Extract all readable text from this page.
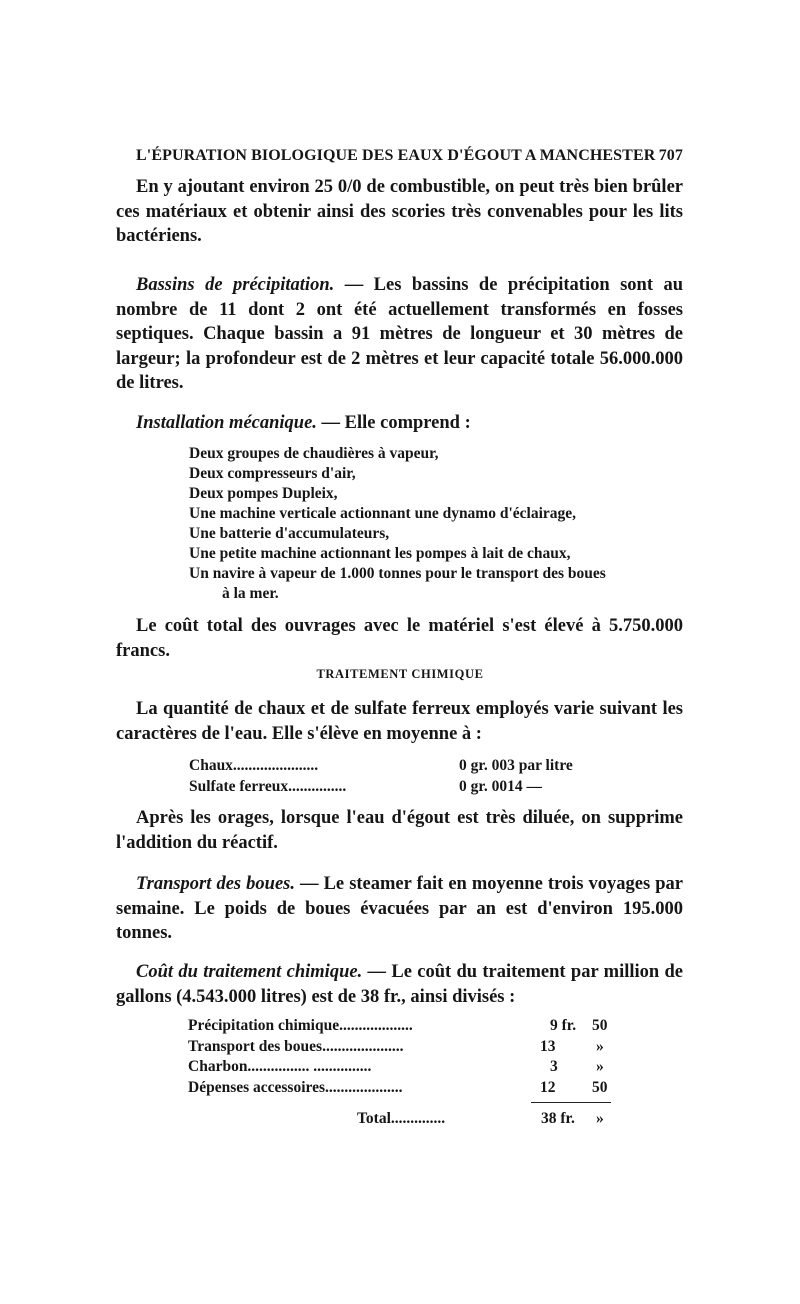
L'ÉPURATION BIOLOGIQUE DES EAUX D'ÉGOUT A MANCHESTER 707

En y ajoutant environ 25 0/0 de combustible, on peut très bien brûler ces matériaux et obtenir ainsi des scories très convenables pour les lits bactériens.

Bassins de précipitation. — Les bassins de précipitation sont au nombre de 11 dont 2 ont été actuellement transformés en fosses septiques. Chaque bassin a 91 mètres de longueur et 30 mètres de largeur; la profondeur est de 2 mètres et leur capacité totale 56.000.000 de litres.

Installation mécanique. — Elle comprend :

Deux groupes de chaudières à vapeur,
Deux compresseurs d'air,
Deux pompes Dupleix,
Une machine verticale actionnant une dynamo d'éclairage,
Une batterie d'accumulateurs,
Une petite machine actionnant les pompes à lait de chaux,
Un navire à vapeur de 1.000 tonnes pour le transport des boues
à la mer.

Le coût total des ouvrages avec le matériel s'est élevé à 5.750.000 francs.

TRAITEMENT CHIMIQUE

La quantité de chaux et de sulfate ferreux employés varie suivant les caractères de l'eau. Elle s'élève en moyenne à :

Chaux......................	0 gr. 003 par litre
Sulfate ferreux...............	0 gr. 0014 —

Après les orages, lorsque l'eau d'égout est très diluée, on supprime l'addition du réactif.

Transport des boues. — Le steamer fait en moyenne trois voyages par semaine. Le poids de boues évacuées par an est d'environ 195.000 tonnes.

Coût du traitement chimique. — Le coût du traitement par million de gallons (4.543.000 litres) est de 38 fr., ainsi divisés :

Précipitation chimique...................	9 fr. 50
Transport des boues.....................	13	»
Charbon................ ...............	3 »
Dépenses accessoires....................	12 50
Total..............	38 fr. »
